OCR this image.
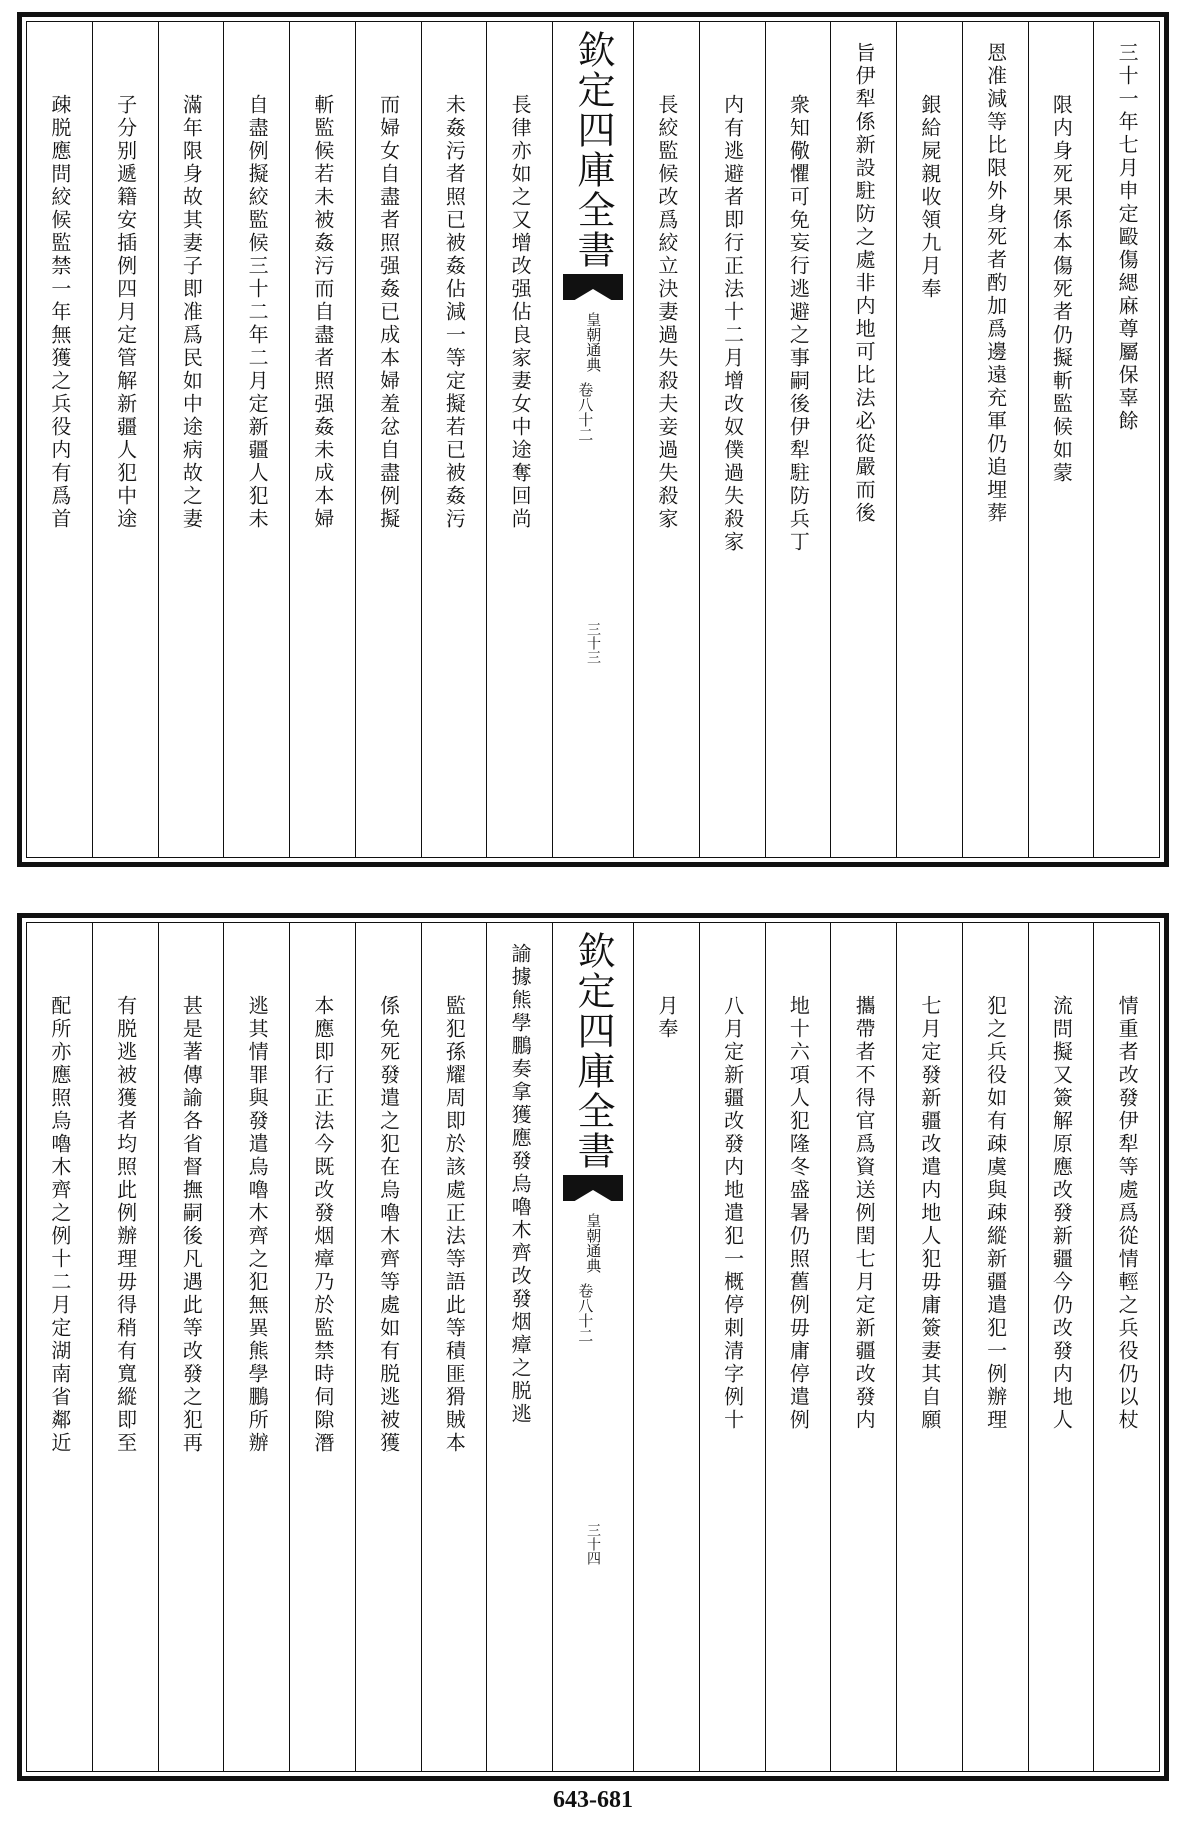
三十一年七月申定毆傷緦麻尊屬保辜餘
限内身死果係本傷死者仍擬斬監候如蒙
恩准減等比限外身死者酌加爲邊遠充軍仍追埋葬
銀給屍親收領九月奉
旨伊犁係新設駐防之處非内地可比法必從嚴而後
衆知儆懼可免妄行逃避之事嗣後伊犁駐防兵丁
内有逃避者即行正法十二月增改奴僕過失殺家
長絞監候改爲絞立決妻過失殺夫妾過失殺家
欽定四庫全書
皇朝通典
卷八十二
三十三
長律亦如之又增改强佔良家妻女中途奪回尚
未姦污者照已被姦佔減一等定擬若已被姦污
而婦女自盡者照强姦已成本婦羞忿自盡例擬
斬監候若未被姦污而自盡者照强姦未成本婦
自盡例擬絞監候三十二年二月定新疆人犯未
滿年限身故其妻子即准爲民如中途病故之妻
子分别遞籍安插例四月定管解新疆人犯中途
疎脱應問絞候監禁一年無獲之兵役内有爲首
情重者改發伊犁等處爲從情輕之兵役仍以杖
流問擬又簽解原應改發新疆今仍改發内地人
犯之兵役如有疎虞與疎縱新疆遣犯一例辦理
七月定發新疆改遣内地人犯毋庸簽妻其自願
攜帶者不得官爲資送例閏七月定新疆改發内
地十六項人犯隆冬盛暑仍照舊例毋庸停遣例
八月定新疆改發内地遣犯一概停刺清字例十
月奉
欽定四庫全書
皇朝通典
卷八十二
三十四
諭據熊學鵬奏拿獲應發烏嚕木齊改發烟瘴之脱逃
監犯孫耀周即於該處正法等語此等積匪猾賊本
係免死發遣之犯在烏嚕木齊等處如有脱逃被獲
本應即行正法今既改發烟瘴乃於監禁時伺隙潛
逃其情罪與發遣烏嚕木齊之犯無異熊學鵬所辦
甚是著傳諭各省督撫嗣後凡遇此等改發之犯再
有脱逃被獲者均照此例辦理毋得稍有寬縱即至
配所亦應照烏嚕木齊之例十二月定湖南省鄰近
643-681
